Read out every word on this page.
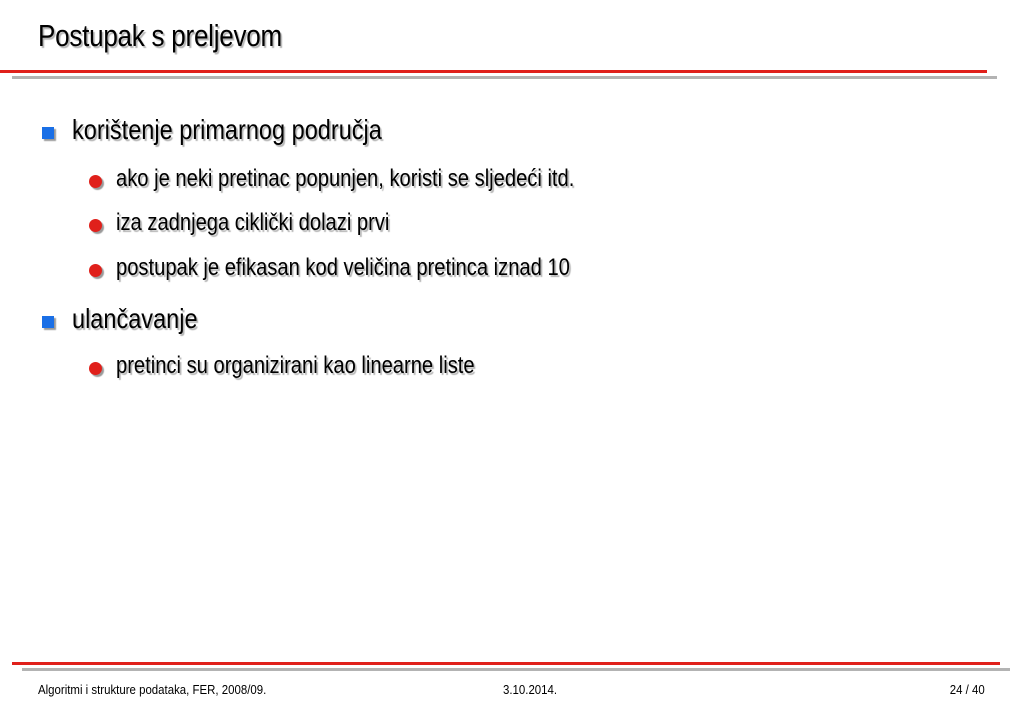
Postupak s preljevom
korištenje primarnog područja
ako je neki pretinac popunjen, koristi se sljedeći itd.
iza zadnjega ciklički dolazi prvi
postupak je efikasan kod veličina pretinca iznad 10
ulančavanje
pretinci su organizirani kao linearne liste
Algoritmi i strukture podataka, FER, 2008/09.	3.10.2014.	24 / 40
